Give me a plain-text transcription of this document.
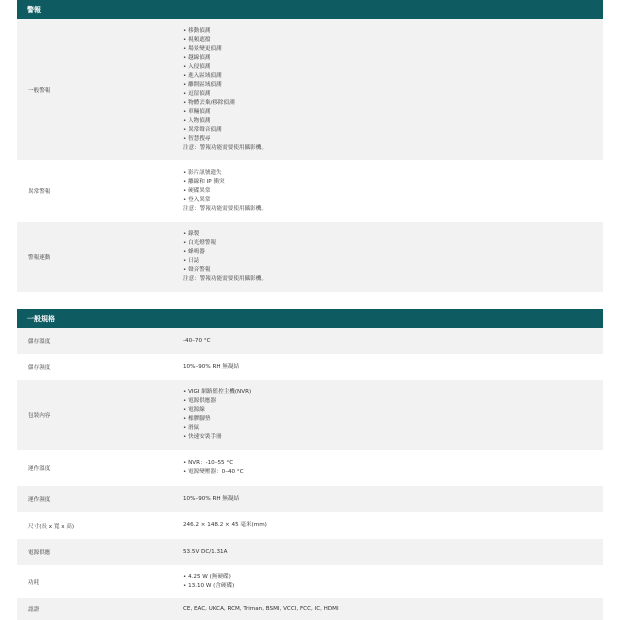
警報
一般警報
• 移動偵測
• 視頻遮擋
• 場景變更偵測
• 越線偵測
• 入侵偵測
• 進入區域偵測
• 離開區域偵測
• 逗留偵測
• 物體丟棄/移除偵測
• 車輛偵測
• 人物偵測
• 異常聲音偵測
• 智慧搜尋
注意：警報功能需要使用攝影機。
異常警報
• 影片訊號遺失
• 離線和 IP 衝突
• 硬碟異常
• 登入異常
注意：警報功能需要使用攝影機。
警報連動
• 錄製
• 白光燈警報
• 蜂鳴器
• 日誌
• 聲音警報
注意：警報功能需要使用攝影機。
一般規格
儲存溫度	-40–70 °C
儲存濕度	10%–90% RH 無凝結
包裝內容
• VIGI 網路監控主機(NVR)
• 電源供應器
• 電源線
• 橡膠腳墊
• 滑鼠
• 快速安裝手冊
運作溫度
• NVR：-10–55 °C
• 電源變壓器：0–40 °C
運作濕度	10%–90% RH 無凝結
尺寸(長 x 寬 x 高)	246.2 × 148.2 × 45 毫米(mm)
電源供應	53.5V DC/1.31A
功耗
• 4.25 W (無硬碟)
• 13.10 W (含硬碟)
認證	CE, EAC, UKCA, RCM, Triman, BSMI, VCCI, FCC, IC, HDMI
